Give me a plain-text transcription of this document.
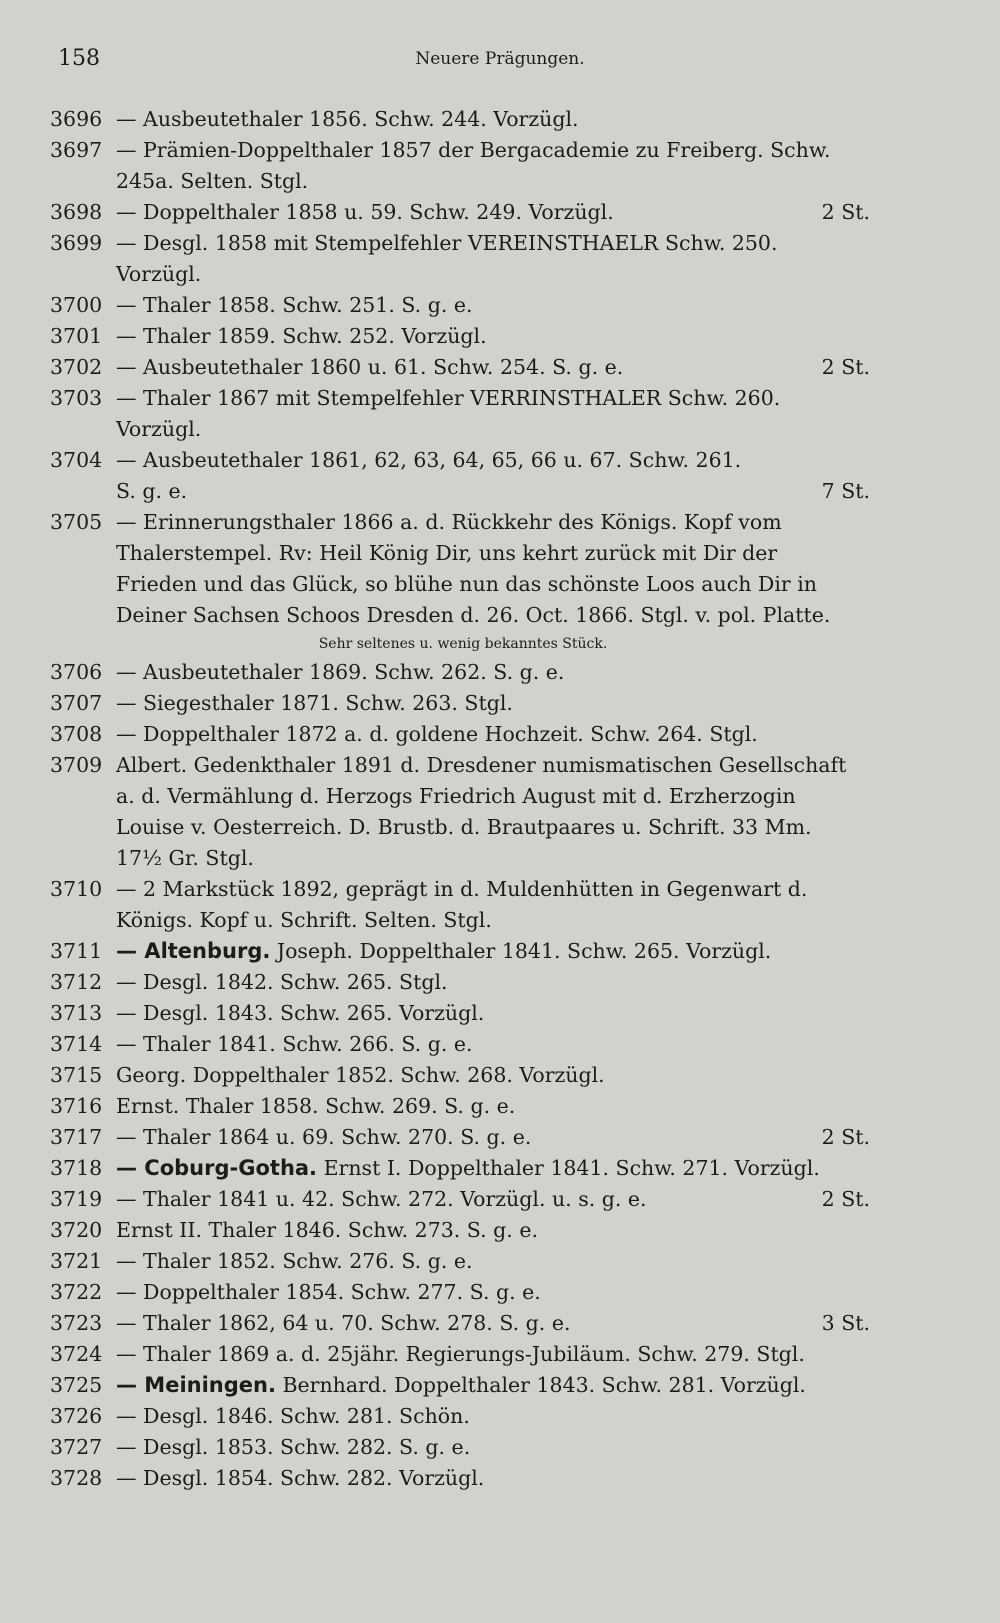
158	Neuere Prägungen.
3696 — Ausbeutethaler 1856. Schw. 244. Vorzügl.
3697 — Prämien-Doppelthaler 1857 der Bergacademie zu Freiberg. Schw.
245a. Selten. Stgl.
3698 — Doppelthaler 1858 u. 59. Schw. 249. Vorzügl.	2 St.
3699 — Desgl. 1858 mit Stempelfehler VEREINSTHAELR Schw. 250.
Vorzügl.
3700 — Thaler 1858. Schw. 251. S. g. e.
3701 — Thaler 1859. Schw. 252. Vorzügl.
3702 — Ausbeutethaler 1860 u. 61. Schw. 254. S. g. e.	2 St.
3703 — Thaler 1867 mit Stempelfehler VERRINSTHALER Schw. 260.
Vorzügl.
3704 — Ausbeutethaler 1861, 62, 63, 64, 65, 66 u. 67. Schw. 261.
S. g. e.	7 St.
3705 — Erinnerungsthaler 1866 a. d. Rückkehr des Königs. Kopf vom
Thalerstempel. Rv: Heil König Dir, uns kehrt zurück mit Dir der
Frieden und das Glück, so blühe nun das schönste Loos auch Dir in
Deiner Sachsen Schoos Dresden d. 26. Oct. 1866. Stgl. v. pol. Platte.
Sehr seltenes u. wenig bekanntes Stück.
3706 — Ausbeutethaler 1869. Schw. 262. S. g. e.
3707 — Siegesthaler 1871. Schw. 263. Stgl.
3708 — Doppelthaler 1872 a. d. goldene Hochzeit. Schw. 264. Stgl.
3709 Albert. Gedenkthaler 1891 d. Dresdener numismatischen Gesellschaft
a. d. Vermählung d. Herzogs Friedrich August mit d. Erzherzogin
Louise v. Oesterreich. D. Brustb. d. Brautpaares u. Schrift. 33 Mm.
17½ Gr. Stgl.
3710 — 2 Markstück 1892, geprägt in d. Muldenhütten in Gegenwart d.
Königs. Kopf u. Schrift. Selten. Stgl.
3711 — Altenburg. Joseph. Doppelthaler 1841. Schw. 265. Vorzügl.
3712 — Desgl. 1842. Schw. 265. Stgl.
3713 — Desgl. 1843. Schw. 265. Vorzügl.
3714 — Thaler 1841. Schw. 266. S. g. e.
3715 Georg. Doppelthaler 1852. Schw. 268. Vorzügl.
3716 Ernst. Thaler 1858. Schw. 269. S. g. e.
3717 — Thaler 1864 u. 69. Schw. 270. S. g. e.	2 St.
3718 — Coburg-Gotha. Ernst I. Doppelthaler 1841. Schw. 271. Vorzügl.
3719 — Thaler 1841 u. 42. Schw. 272. Vorzügl. u. s. g. e.	2 St.
3720 Ernst II. Thaler 1846. Schw. 273. S. g. e.
3721 — Thaler 1852. Schw. 276. S. g. e.
3722 — Doppelthaler 1854. Schw. 277. S. g. e.
3723 — Thaler 1862, 64 u. 70. Schw. 278. S. g. e.	3 St.
3724 — Thaler 1869 a. d. 25jähr. Regierungs-Jubiläum. Schw. 279. Stgl.
3725 — Meiningen. Bernhard. Doppelthaler 1843. Schw. 281. Vorzügl.
3726 — Desgl. 1846. Schw. 281. Schön.
3727 — Desgl. 1853. Schw. 282. S. g. e.
3728 — Desgl. 1854. Schw. 282. Vorzügl.
